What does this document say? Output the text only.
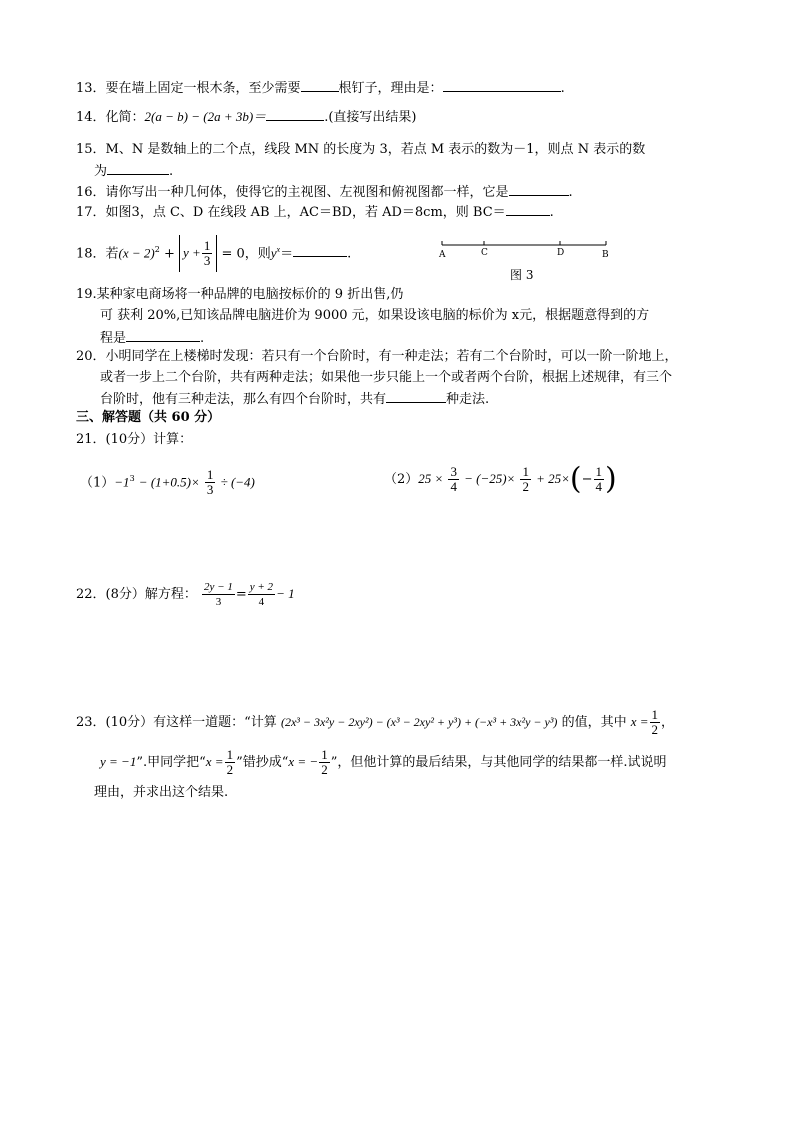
13．要在墙上固定一根木条，至少需要	根钉子，理由是：	.
14．化简：2(a − b) − (2a + 3b)＝	.(直接写出结果)
15．M、N 是数轴上的二个点，线段 MN 的长度为 3，若点 M 表示的数为－1，则点 N 表示的数
为	.
16．请你写出一种几何体，使得它的主视图、左视图和俯视图都一样，它是	.
17．如图3，点 C、D 在线段 AB 上，AC＝BD，若 AD＝8cm，则 BC＝	.
18．若$(x - 2)^2 + y + \frac{1}{3} = 0$，则$y^x=$	.	A	C	D	B
图 3
19.某种家电商场将一种品牌的电脑按标价的 9 折出售,仍
可 获利 20%,已知该品牌电脑进价为 9000 元，如果设该电脑的标价为 x元，根据题意得到的方
程是	.
20．小明同学在上楼梯时发现：若只有一个台阶时，有一种走法；若有二个台阶时，可以一阶一阶地上，
或者一步上二个台阶，共有两种走法；如果他一步只能上一个或者两个台阶，根据上述规律，有三个
台阶时，他有三种走法，那么有四个台阶时，共有	种走法.
三、解答题（共 60 分）
21．(10分）计算：
$(1)-1^3 - (1+0.5)\times \frac{1}{3} \div (-4)$	$(2)25 \times \frac{3}{4} - (-25)\times \frac{1}{2} + 25\times(- \frac{1}{4}$ )
22．(8分）解方程： $\frac{2y - 1}{3} = \frac{y + 2}{4} - 1$
23．(10分）有这样一道题：“计算 (2x³ − 3x²y − 2xy²) − (x³ − 2xy² + y³) + (−x³ + 3x²y − y³) 的值，其中 $x = \frac{1}{2}$ ，
y = −1”.甲同学把“$x = \frac{1}{2}$ ”错抄成“x = − $\frac{1}{2}$ ”，但他计算的最后结果，与其他同学的结果都一样.试说明
理由，并求出这个结果.
